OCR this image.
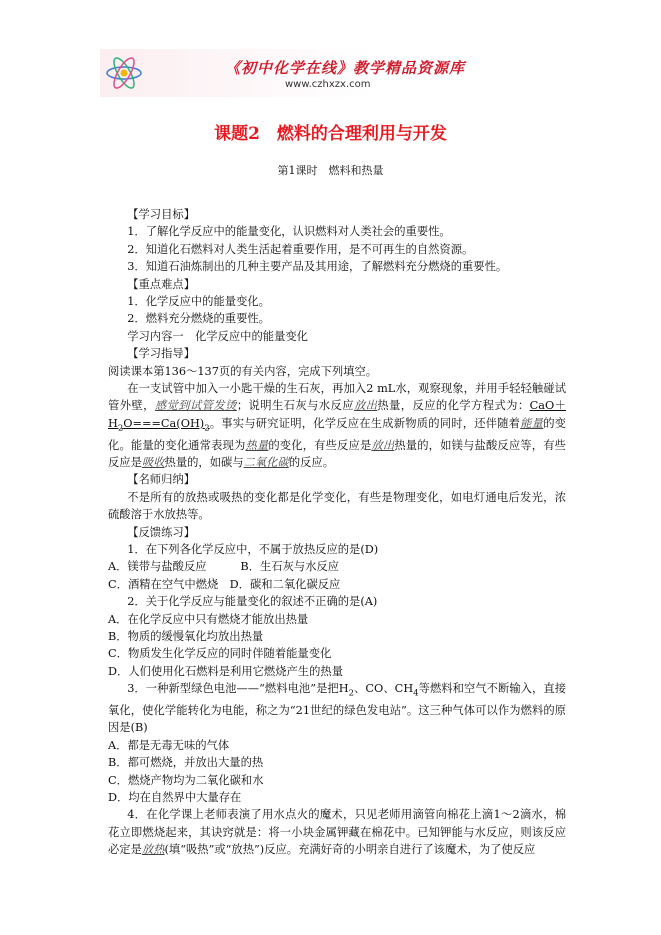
《初中化学在线》教学精品资源库
www.czhxzx.com
课题2　燃料的合理利用与开发
第1课时　燃料和热量

【学习目标】

1．了解化学反应中的能量变化，认识燃料对人类社会的重要性。

2．知道化石燃料对人类生活起着重要作用，是不可再生的自然资源。

3．知道石油炼制出的几种主要产品及其用途，了解燃料充分燃烧的重要性。

【重点难点】

1．化学反应中的能量变化。

2．燃料充分燃烧的重要性。

学习内容一　化学反应中的能量变化

【学习指导】

阅读课本第136～137页的有关内容，完成下列填空。

在一支试管中加入一小匙干燥的生石灰，再加入2 mL水，观察现象，并用手轻轻触碰试管外壁，感觉到试管发烫；说明生石灰与水反应放出热量，反应的化学方程式为：$CaO+H_2O===Ca(OH)_2$。事实与研究证明，化学反应在生成新物质的同时，还伴随着能量的变化。能量的变化通常表现为热量的变化，有些反应是放出热量的，如镁与盐酸反应等，有些反应是吸收热量的，如碳与二氧化碳的反应。

【名师归纳】

不是所有的放热或吸热的变化都是化学变化，有些是物理变化，如电灯通电后发光，浓硫酸溶于水放热等。

【反馈练习】

1．在下列各化学反应中，不属于放热反应的是(D)

A．镁带与盐酸反应　　　B．生石灰与水反应

C．酒精在空气中燃烧　D．碳和二氧化碳反应

2．关于化学反应与能量变化的叙述不正确的是(A)

A．在化学反应中只有燃烧才能放出热量

B．物质的缓慢氧化均放出热量

C．物质发生化学反应的同时伴随着能量变化

D．人们使用化石燃料是利用它燃烧产生的热量

3．一种新型绿色电池——“燃料电池”是把$H_2$、CO、$CH_4$等燃料和空气不断输入，直接氧化，使化学能转化为电能，称之为“21世纪的绿色发电站”。这三种气体可以作为燃料的原因是(B)

A．都是无毒无味的气体

B．都可燃烧，并放出大量的热

C．燃烧产物均为二氧化碳和水

D．均在自然界中大量存在

4．在化学课上老师表演了用水点火的魔术，只见老师用滴管向棉花上滴1～2滴水，棉花立即燃烧起来，其诀窍就是：将一小块金属钾藏在棉花中。已知钾能与水反应，则该反应必定是放热(填“吸热”或“放热”)反应。充满好奇的小明亲自进行了该魔术，为了使反应
